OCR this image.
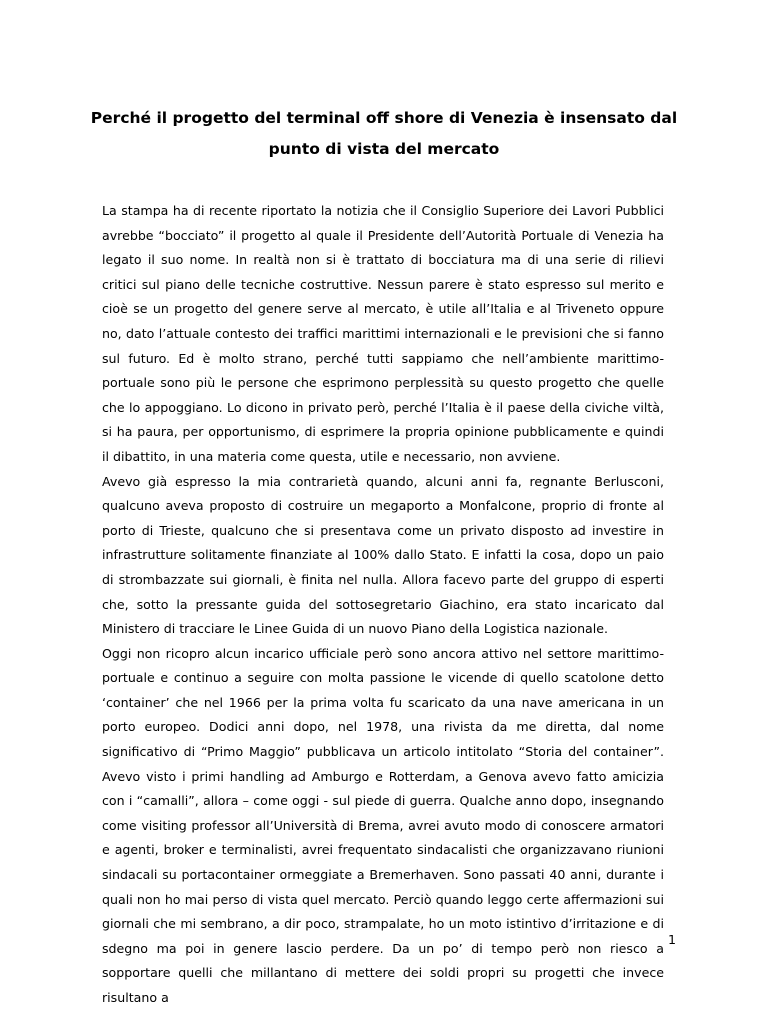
Perché il progetto del terminal off shore di Venezia è insensato dal punto di vista del mercato

La stampa ha di recente riportato la notizia che il Consiglio Superiore dei Lavori Pubblici avrebbe “bocciato” il progetto al quale il Presidente dell’Autorità Portuale di Venezia ha legato il suo nome. In realtà non si è trattato di bocciatura ma di una serie di rilievi critici sul piano delle tecniche costruttive. Nessun parere è stato espresso sul merito e cioè se un progetto del genere serve al mercato, è utile all’Italia e al Triveneto oppure no, dato l’attuale contesto dei traffici marittimi internazionali e le previsioni che si fanno sul futuro. Ed è molto strano, perché tutti sappiamo che nell’ambiente marittimo-portuale sono più le persone che esprimono perplessità su questo progetto che quelle che lo appoggiano. Lo dicono in privato però, perché l’Italia è il paese della civiche viltà, si ha paura, per opportunismo, di esprimere la propria opinione pubblicamente e quindi il dibattito, in una materia come questa, utile e necessario, non avviene.

Avevo già espresso la mia contrarietà quando, alcuni anni fa, regnante Berlusconi, qualcuno aveva proposto di costruire un megaporto a Monfalcone, proprio di fronte al porto di Trieste, qualcuno che si presentava come un privato disposto ad investire in infrastrutture solitamente finanziate al 100% dallo Stato. E infatti la cosa, dopo un paio di strombazzate sui giornali, è finita nel nulla. Allora facevo parte del gruppo di esperti che, sotto la pressante guida del sottosegretario Giachino, era stato incaricato dal Ministero di tracciare le Linee Guida di un nuovo Piano della Logistica nazionale.

Oggi non ricopro alcun incarico ufficiale però sono ancora attivo nel settore marittimo-portuale e continuo a seguire con molta passione le vicende di quello scatolone detto ‘container’ che nel 1966 per la prima volta fu scaricato da una nave americana in un porto europeo. Dodici anni dopo, nel 1978, una rivista da me diretta, dal nome significativo di “Primo Maggio” pubblicava un articolo intitolato “Storia del container”. Avevo visto i primi handling ad Amburgo e Rotterdam, a Genova avevo fatto amicizia con i “camalli”, allora – come oggi - sul piede di guerra. Qualche anno dopo, insegnando come visiting professor all’Università di Brema, avrei avuto modo di conoscere armatori e agenti, broker e terminalisti, avrei frequentato sindacalisti che organizzavano riunioni sindacali su portacontainer ormeggiate a Bremerhaven. Sono passati 40 anni, durante i quali non ho mai perso di vista quel mercato. Perciò quando leggo certe affermazioni sui giornali che mi sembrano, a dir poco, strampalate, ho un moto istintivo d’irritazione e di sdegno ma poi in genere lascio perdere. Da un po’ di tempo però non riesco a sopportare quelli che millantano di mettere dei soldi propri su progetti che invece risultano a

1
